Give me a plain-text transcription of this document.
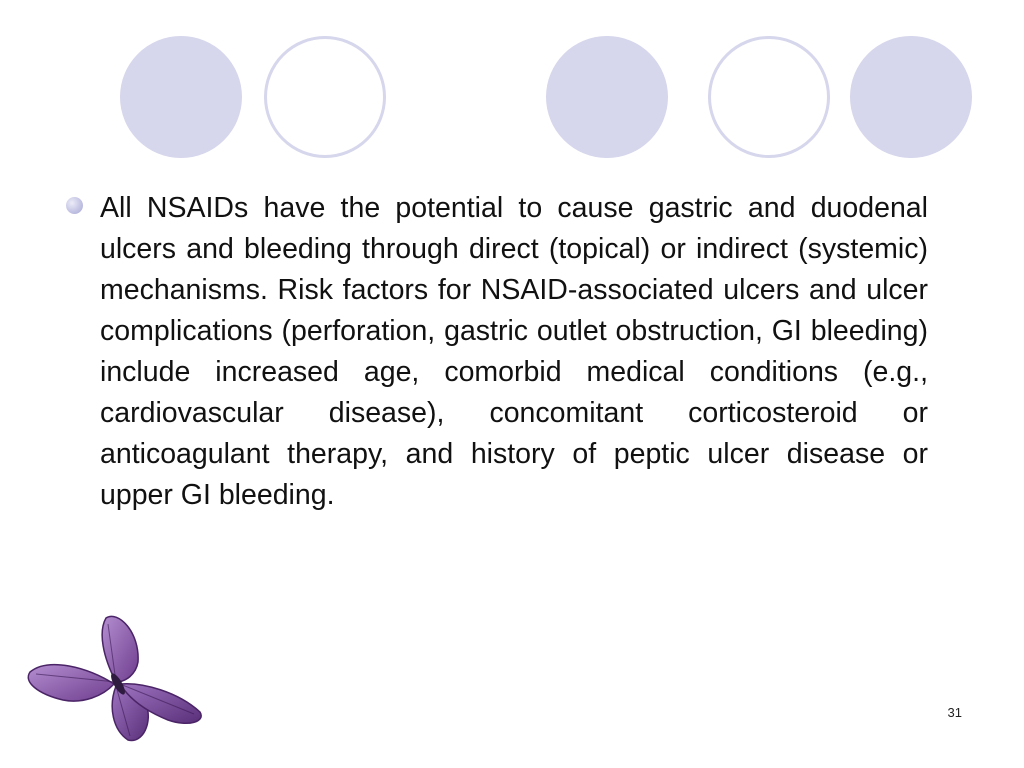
All NSAIDs have the potential to cause gastric and duodenal ulcers and bleeding through direct (topical) or indirect (systemic) mechanisms. Risk factors for NSAID-associated ulcers and ulcer complications (perforation, gastric outlet obstruction, GI bleeding) include increased age, comorbid medical conditions (e.g., cardiovascular disease), concomitant corticosteroid or anticoagulant therapy, and history of peptic ulcer disease or upper GI bleeding.

31
